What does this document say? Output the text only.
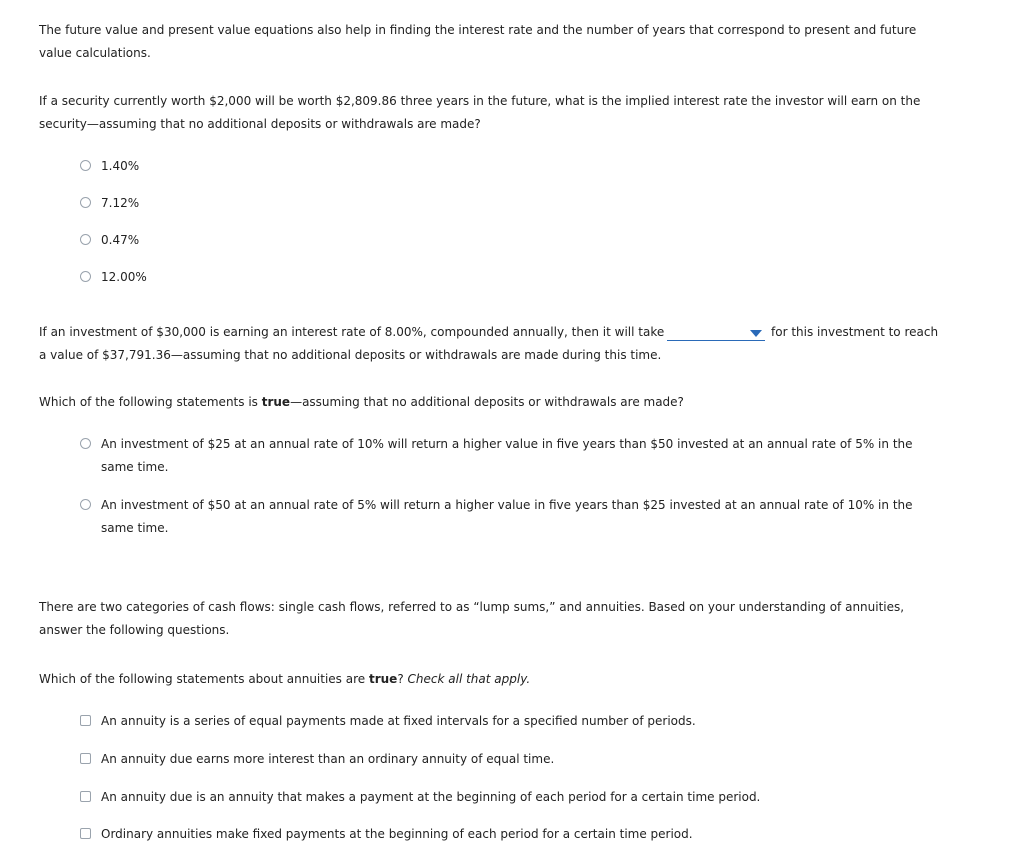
The future value and present value equations also help in finding the interest rate and the number of years that correspond to present and future value calculations.
If a security currently worth $2,000 will be worth $2,809.86 three years in the future, what is the implied interest rate the investor will earn on the security—assuming that no additional deposits or withdrawals are made?
1.40%
7.12%
0.47%
12.00%
If an investment of $30,000 is earning an interest rate of 8.00%, compounded annually, then it will take	for this investment to reach
a value of $37,791.36—assuming that no additional deposits or withdrawals are made during this time.
Which of the following statements is true—assuming that no additional deposits or withdrawals are made?
An investment of $25 at an annual rate of 10% will return a higher value in five years than $50 invested at an annual rate of 5% in the same time.
An investment of $50 at an annual rate of 5% will return a higher value in five years than $25 invested at an annual rate of 10% in the same time.
There are two categories of cash flows: single cash flows, referred to as “lump sums,” and annuities. Based on your understanding of annuities, answer the following questions.
Which of the following statements about annuities are true? Check all that apply.
An annuity is a series of equal payments made at fixed intervals for a specified number of periods.
An annuity due earns more interest than an ordinary annuity of equal time.
An annuity due is an annuity that makes a payment at the beginning of each period for a certain time period.
Ordinary annuities make fixed payments at the beginning of each period for a certain time period.
